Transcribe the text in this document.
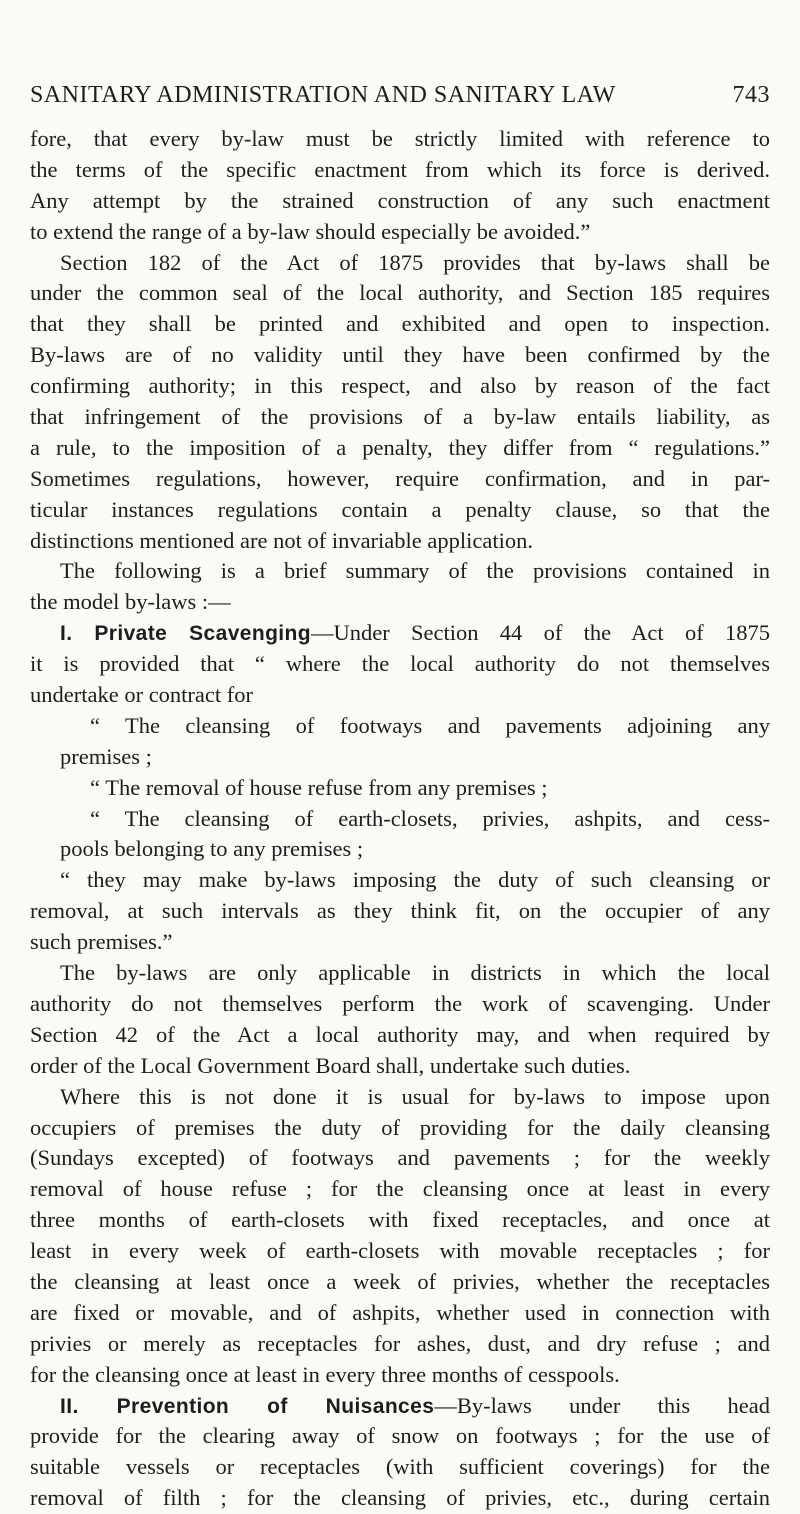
SANITARY ADMINISTRATION AND SANITARY LAW	743
fore, that every by-law must be strictly limited with reference to
the terms of the specific enactment from which its force is derived.
Any attempt by the strained construction of any such enactment
to extend the range of a by-law should especially be avoided.”
Section 182 of the Act of 1875 provides that by-laws shall be
under the common seal of the local authority, and Section 185 requires
that they shall be printed and exhibited and open to inspection.
By-laws are of no validity until they have been confirmed by the
confirming authority; in this respect, and also by reason of the fact
that infringement of the provisions of a by-law entails liability, as
a rule, to the imposition of a penalty, they differ from “ regulations.”
Sometimes regulations, however, require confirmation, and in par-
ticular instances regulations contain a penalty clause, so that the
distinctions mentioned are not of invariable application.
The following is a brief summary of the provisions contained in
the model by-laws :—
I. Private Scavenging—Under Section 44 of the Act of 1875
it is provided that “ where the local authority do not themselves
undertake or contract for
“ The cleansing of footways and pavements adjoining any
premises ;
“ The removal of house refuse from any premises ;
“ The cleansing of earth-closets, privies, ashpits, and cess-
pools belonging to any premises ;
“ they may make by-laws imposing the duty of such cleansing or
removal, at such intervals as they think fit, on the occupier of any
such premises.”
The by-laws are only applicable in districts in which the local
authority do not themselves perform the work of scavenging. Under
Section 42 of the Act a local authority may, and when required by
order of the Local Government Board shall, undertake such duties.
Where this is not done it is usual for by-laws to impose upon
occupiers of premises the duty of providing for the daily cleansing
(Sundays excepted) of footways and pavements ; for the weekly
removal of house refuse ; for the cleansing once at least in every
three months of earth-closets with fixed receptacles, and once at
least in every week of earth-closets with movable receptacles ; for
the cleansing at least once a week of privies, whether the receptacles
are fixed or movable, and of ashpits, whether used in connection with
privies or merely as receptacles for ashes, dust, and dry refuse ; and
for the cleansing once at least in every three months of cesspools.
II. Prevention of Nuisances—By-laws under this head
provide for the clearing away of snow on footways ; for the use of
suitable vessels or receptacles (with sufficient coverings) for the
removal of filth ; for the cleansing of privies, etc., during certain
